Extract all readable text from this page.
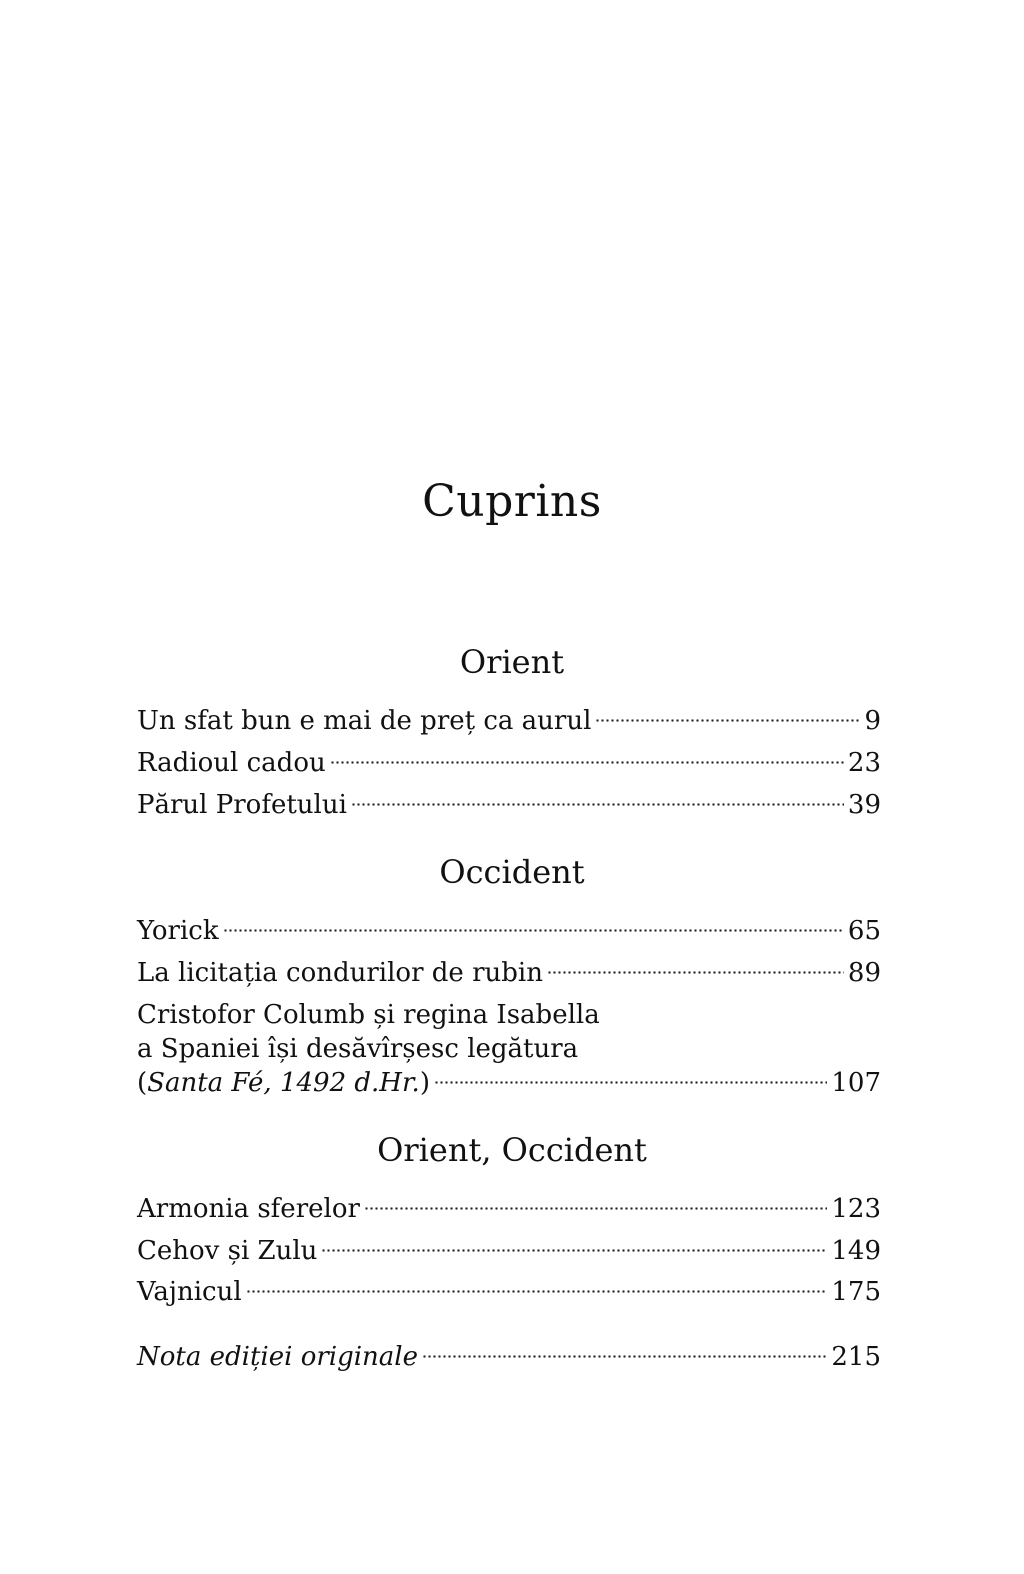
Cuprins
Orient
Un sfat bun e mai de preț ca aurul	9
Radioul cadou	23
Părul Profetului	39
Occident
Yorick	65
La licitația condurilor de rubin	89
Cristofor Columb și regina Isabella
a Spaniei își desăvîrșesc legătura
(Santa Fé, 1492 d.Hr.)	107
Orient, Occident
Armonia sferelor	123
Cehov și Zulu	149
Vajnicul	175
Nota ediției originale	215
